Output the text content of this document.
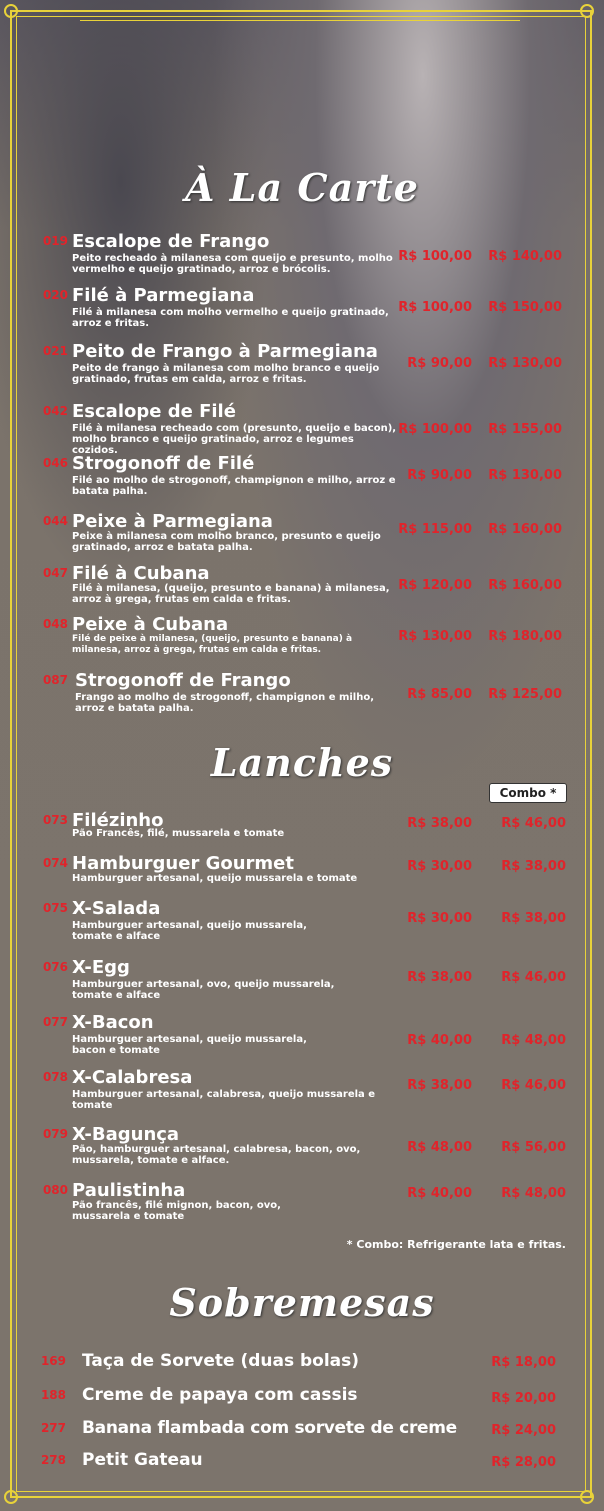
À La Carte
019 Escalope de Frango
Peito recheado à milanesa com queijo e presunto, molho vermelho e queijo gratinado, arroz e brócolis.
R$ 100,00 R$ 140,00
020 Filé à Parmegiana
Filé à milanesa com molho vermelho e queijo gratinado, arroz e fritas.
R$ 100,00 R$ 150,00
021 Peito de Frango à Parmegiana
Peito de frango à milanesa com molho branco e queijo gratinado, frutas em calda, arroz e fritas.
R$ 90,00 R$ 130,00
042 Escalope de Filé
Filé à milanesa recheado com (presunto, queijo e bacon), molho branco e queijo gratinado, arroz e legumes cozidos.
R$ 100,00 R$ 155,00
046 Strogonoff de Filé
Filé ao molho de strogonoff, champignon e milho, arroz e batata palha.
R$ 90,00 R$ 130,00
044 Peixe à Parmegiana
Peixe à milanesa com molho branco, presunto e queijo gratinado, arroz e batata palha.
R$ 115,00 R$ 160,00
047 Filé à Cubana
Filé à milanesa, (queijo, presunto e banana) à milanesa, arroz à grega, frutas em calda e fritas.
R$ 120,00 R$ 160,00
048 Peixe à Cubana
Filé de peixe à milanesa, (queijo, presunto e banana) à milanesa, arroz à grega, frutas em calda e fritas.
R$ 130,00 R$ 180,00
087 Strogonoff de Frango
Frango ao molho de strogonoff, champignon e milho, arroz e batata palha.
R$ 85,00 R$ 125,00
Lanches
Combo *
073 Filézinho
Pão Francês, filé, mussarela e tomate
R$ 38,00	R$ 46,00
074 Hamburguer Gourmet
Hamburguer artesanal, queijo mussarela e tomate
R$ 30,00	R$ 38,00
075 X-Salada
Hamburguer artesanal, queijo mussarela, tomate e alface
R$ 30,00	R$ 38,00
076 X-Egg
Hamburguer artesanal, ovo, queijo mussarela, tomate e alface
R$ 38,00	R$ 46,00
077 X-Bacon
Hamburguer artesanal, queijo mussarela, bacon e tomate
R$ 40,00	R$ 48,00
078 X-Calabresa
Hamburguer artesanal, calabresa, queijo mussarela e tomate
R$ 38,00	R$ 46,00
079 X-Bagunça
Pão, hamburguer artesanal, calabresa, bacon, ovo, mussarela, tomate e alface.
R$ 48,00	R$ 56,00
080 Paulistinha
Pão francês, filé mignon, bacon, ovo, mussarela e tomate
R$ 40,00	R$ 48,00
* Combo: Refrigerante lata e fritas.
Sobremesas
169 Taça de Sorvete (duas bolas)	R$ 18,00
188 Creme de papaya com cassis	R$ 20,00
277 Banana flambada com sorvete de creme	R$ 24,00
278 Petit Gateau	R$ 28,00
